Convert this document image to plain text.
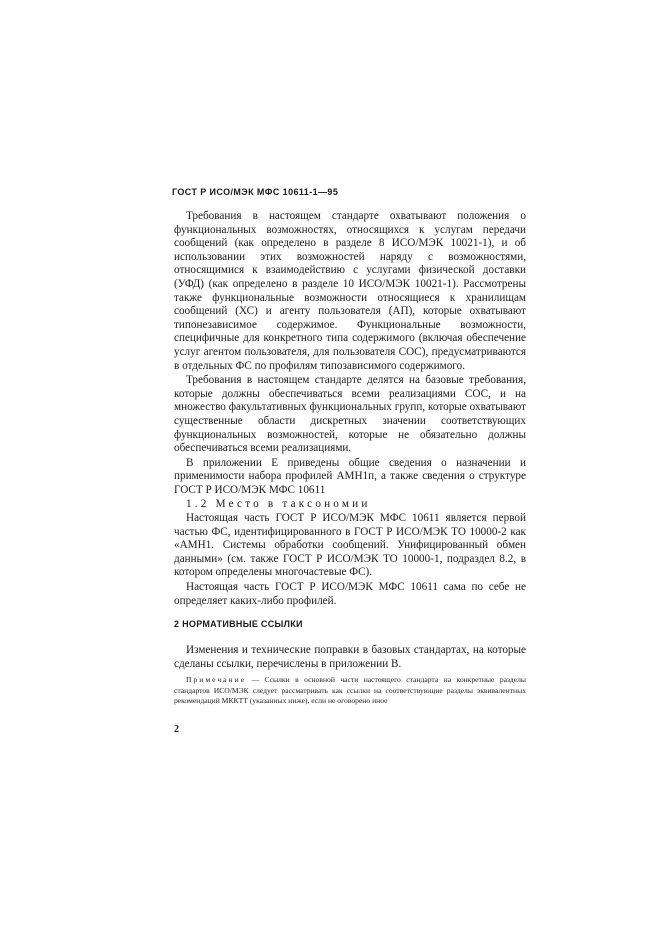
ГОСТ Р ИСО/МЭК МФС 10611-1—95

Требования в настоящем стандарте охватывают положения о функциональных возможностях, относящихся к услугам передачи сообщений (как определено в разделе 8 ИСО/МЭК 10021-1), и об использовании этих возможностей наряду с возможностями, относящимися к взаимодействию с услугами физической доставки (УФД) (как определено в разделе 10 ИСО/МЭК 10021-1). Рассмотрены также функциональные возможности относящиеся к хранилищам сообщений (ХС) и агенту пользователя (АП), которые охватывают типонезависимое содержимое. Функциональные возможности, специфичные для конкретного типа содержимого (включая обеспечение услуг агентом пользователя, для пользователя СОС), предусматриваются в отдельных ФС по профилям типозависимого содержимого.

Требования в настоящем стандарте делятся на базовые требования, которые должны обеспечиваться всеми реализациями СОС, и на множество факультативных функциональных групп, которые охватывают существенные области дискретных значении соответствующих функциональных возможностей, которые не обязательно должны обеспечиваться всеми реализациями.

В приложении Е приведены общие сведения о назначении и применимости набора профилей АМН1п, а также сведения о структуре ГОСТ Р ИСО/МЭК МФС 10611

1.2 Место в таксономии

Настоящая часть ГОСТ Р ИСО/МЭК МФС 10611 является первой частью ФС, идентифицированного в ГОСТ Р ИСО/МЭК ТО 10000-2 как «АМН1. Системы обработки сообщений. Унифицированный обмен данными» (см. также ГОСТ Р ИСО/МЭК ТО 10000-1, подраздел 8.2, в котором определены многочастевые ФС).

Настоящая часть ГОСТ Р ИСО/МЭК МФС 10611 сама по себе не определяет каких-либо профилей.

2 НОРМАТИВНЫЕ ССЫЛКИ

Изменения и технические поправки в базовых стандартах, на которые сделаны ссылки, перечислены в приложении В.

Примечание — Ссылки в основной части настоящего стандарта на конкретные разделы стандартов ИСО/МЭК следует рассматривать как ссылки на соответствующие разделы эквивалентных рекомендаций МККТТ (указанных ниже), если не оговорено иное

2
